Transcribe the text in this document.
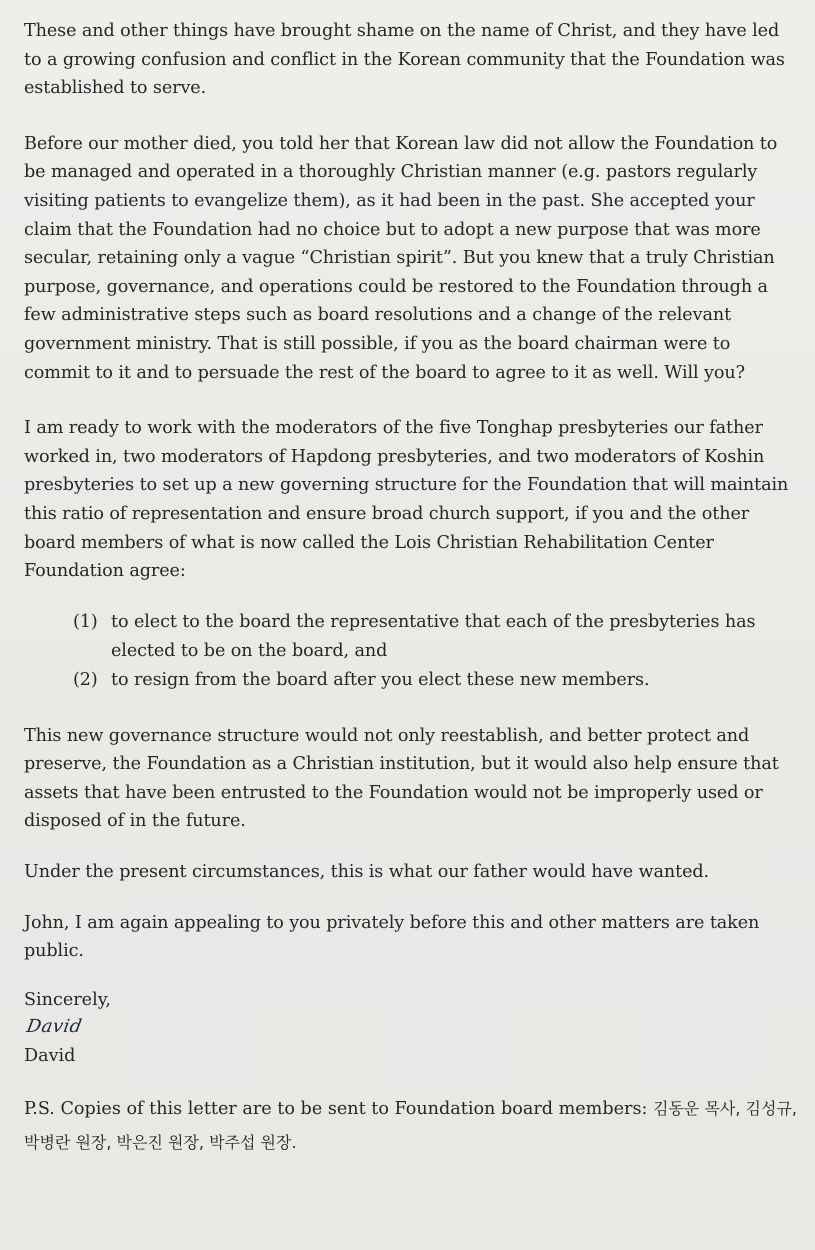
These and other things have brought shame on the name of Christ, and they have led to a growing confusion and conflict in the Korean community that the Foundation was established to serve.

Before our mother died, you told her that Korean law did not allow the Foundation to be managed and operated in a thoroughly Christian manner (e.g. pastors regularly visiting patients to evangelize them), as it had been in the past. She accepted your claim that the Foundation had no choice but to adopt a new purpose that was more secular, retaining only a vague “Christian spirit”. But you knew that a truly Christian purpose, governance, and operations could be restored to the Foundation through a few administrative steps such as board resolutions and a change of the relevant government ministry. That is still possible, if you as the board chairman were to commit to it and to persuade the rest of the board to agree to it as well. Will you?

I am ready to work with the moderators of the five Tonghap presbyteries our father worked in, two moderators of Hapdong presbyteries, and two moderators of Koshin presbyteries to set up a new governing structure for the Foundation that will maintain this ratio of representation and ensure broad church support, if you and the other board members of what is now called the Lois Christian Rehabilitation Center Foundation agree:

(1) to elect to the board the representative that each of the presbyteries has elected to be on the board, and
(2) to resign from the board after you elect these new members.

This new governance structure would not only reestablish, and better protect and preserve, the Foundation as a Christian institution, but it would also help ensure that assets that have been entrusted to the Foundation would not be improperly used or disposed of in the future.

Under the present circumstances, this is what our father would have wanted.

John, I am again appealing to you privately before this and other matters are taken public.

Sincerely,
David
David
P.S. Copies of this letter are to be sent to Foundation board members: 김동운 목사, 김성규, 박병란 원장, 박은진 원장, 박주섭 원장.
